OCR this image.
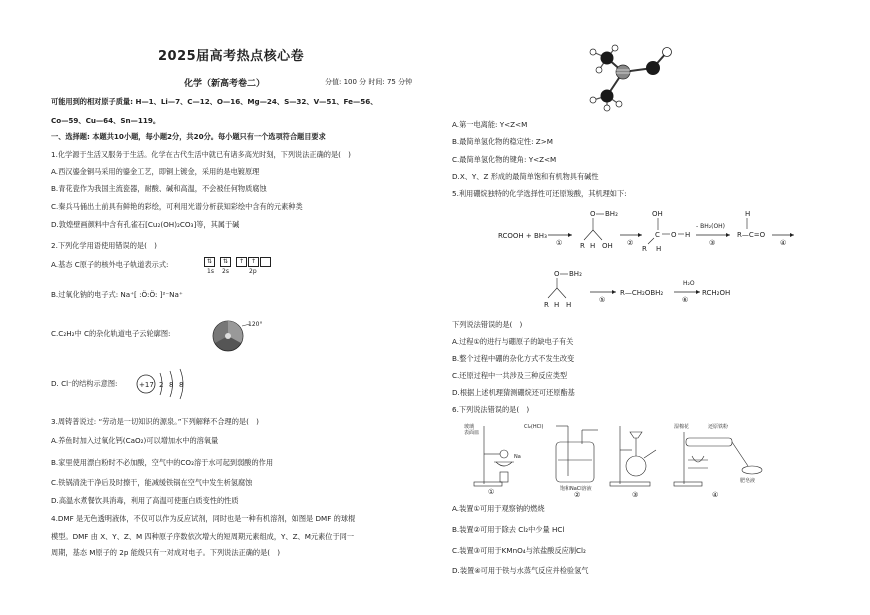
2025届高考热点核心卷
化学（新高考卷二）	分值: 100 分 时间: 75 分钟
可能用到的相对原子质量: H—1、Li—7、C—12、O—16、Mg—24、S—32、V—51、Fe—56、
Co—59、Cu—64、Sn—119。
一、选择题: 本题共10小题，每小题2分，共20分。每小题只有一个选项符合题目要求
1.化学源于生活又服务于生活。化学在古代生活中就已有诸多高光时刻，下列说法正确的是(　)
A.西汉鎏金铜马采用的鎏金工艺，即铜上镀金，采用的是电镀原理
B.青花瓷作为我国主流瓷器，耐酸、碱和高温，不会被任何物质腐蚀
C.秦兵马俑出土前具有鲜艳的彩绘，可利用光谱分析获知彩绘中含有的元素种类
D.敦煌壁画颜料中含有孔雀石[Cu₂(OH)₂CO₃]等，其属于碱
2.下列化学用语使用错误的是(　)
A.基态 C原子的核外电子轨道表示式:	⇅ ⇅ ↑ ↑
1s 2s	2p
B.过氧化钠的电子式: Na⁺[ :Ö:Ö: ]²⁻Na⁺
C.C₂H₂中 C的杂化轨道电子云轮廓图:
120°
D. Cl⁻的结构示意图:	+17 2 8 8
3.周铸普说过: “劳动是一切知识的源泉。”下列解释不合理的是(　)
A.养鱼时加入过氧化钙(CaO₂)可以增加水中的溶氧量
B.家里使用漂白粉时不必加酸，空气中的CO₂溶于水可起到弱酸的作用
C.铁锅清洗干净后及时擦干，能减缓铁锅在空气中发生析氢腐蚀
D.高温水煮餐饮具消毒，利用了高温可使蛋白质变性的性质
4.DMF 是无色透明液体，不仅可以作为反应试剂，同时也是一种有机溶剂，如图是 DMF 的球棍
模型。DMF 由 X、Y、Z、M 四种原子序数依次增大的短周期元素组成，Y、Z、M元素位于同一
周期，基态 M原子的 2p 能级只有一对成对电子。下列说法正确的是(　)
A.第一电离能: Y<Z<M
B.最简单氢化物的稳定性: Z>M
C.最简单氢化物的键角: Y<Z<M
D.X、Y、Z 形成的最简单饱和有机物具有碱性
5.利用硼烷独特的化学选择性可还原羧酸，其机理如下:
RCOOH + BH₃
①
O BH₂
R H OH ②
OH
C O H
R H
- BH₂(OH)
③
H
R—C=O
④
O BH₂
R H H
⑤
R—CH₂OBH₂
H₂O
⑥
RCH₂OH
下列说法错误的是(　)
A.过程①的进行与硼原子的缺电子有关
B.整个过程中硼的杂化方式不发生改变
C.还原过程中一共涉及三种反应类型
D.根据上述机理猜测硼烷还可还原酯基
6.下列说法错误的是(　)
玻璃
表面皿
Na
①
Cl₂(HCl)
饱和NaCl溶液
②	③
湿棉花	还原铁粉
肥皂液
④
A.装置①可用于观察钠的燃烧
B.装置②可用于除去 Cl₂中少量 HCl
C.装置③可用于KMnO₄与浓盐酸反应制Cl₂
D.装置④可用于铁与水蒸气反应并检验氢气
